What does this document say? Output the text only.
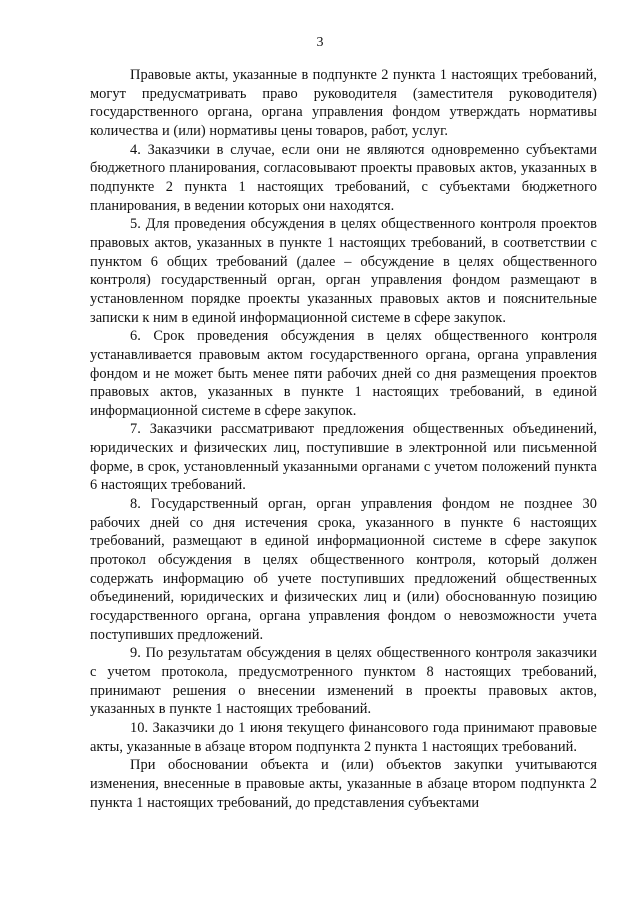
3

Правовые акты, указанные в подпункте 2 пункта 1 настоящих требований, могут предусматривать право руководителя (заместителя руководителя) государственного органа, органа управления фондом утверждать нормативы количества и (или) нормативы цены товаров, работ, услуг.

4. Заказчики в случае, если они не являются одновременно субъектами бюджетного планирования, согласовывают проекты правовых актов, указанных в подпункте 2 пункта 1 настоящих требований, с субъектами бюджетного планирования, в ведении которых они находятся.

5. Для проведения обсуждения в целях общественного контроля проектов правовых актов, указанных в пункте 1 настоящих требований, в соответствии с пунктом 6 общих требований (далее – обсуждение в целях общественного контроля) государственный орган, орган управления фондом размещают в установленном порядке проекты указанных правовых актов и пояснительные записки к ним в единой информационной системе в сфере закупок.

6. Срок проведения обсуждения в целях общественного контроля устанавливается правовым актом государственного органа, органа управления фондом и не может быть менее пяти рабочих дней со дня размещения проектов правовых актов, указанных в пункте 1 настоящих требований, в единой информационной системе в сфере закупок.

7. Заказчики рассматривают предложения общественных объединений, юридических и физических лиц, поступившие в электронной или письменной форме, в срок, установленный указанными органами с учетом положений пункта 6 настоящих требований.

8. Государственный орган, орган управления фондом не позднее 30 рабочих дней со дня истечения срока, указанного в пункте 6 настоящих требований, размещают в единой информационной системе в сфере закупок протокол обсуждения в целях общественного контроля, который должен содержать информацию об учете поступивших предложений общественных объединений, юридических и физических лиц и (или) обоснованную позицию государственного органа, органа управления фондом о невозможности учета поступивших предложений.

9. По результатам обсуждения в целях общественного контроля заказчики с учетом протокола, предусмотренного пунктом 8 настоящих требований, принимают решения о внесении изменений в проекты правовых актов, указанных в пункте 1 настоящих требований.

10. Заказчики до 1 июня текущего финансового года принимают правовые акты, указанные в абзаце втором подпункта 2 пункта 1 настоящих требований.

При обосновании объекта и (или) объектов закупки учитываются изменения, внесенные в правовые акты, указанные в абзаце втором подпункта 2 пункта 1 настоящих требований, до представления субъектами
